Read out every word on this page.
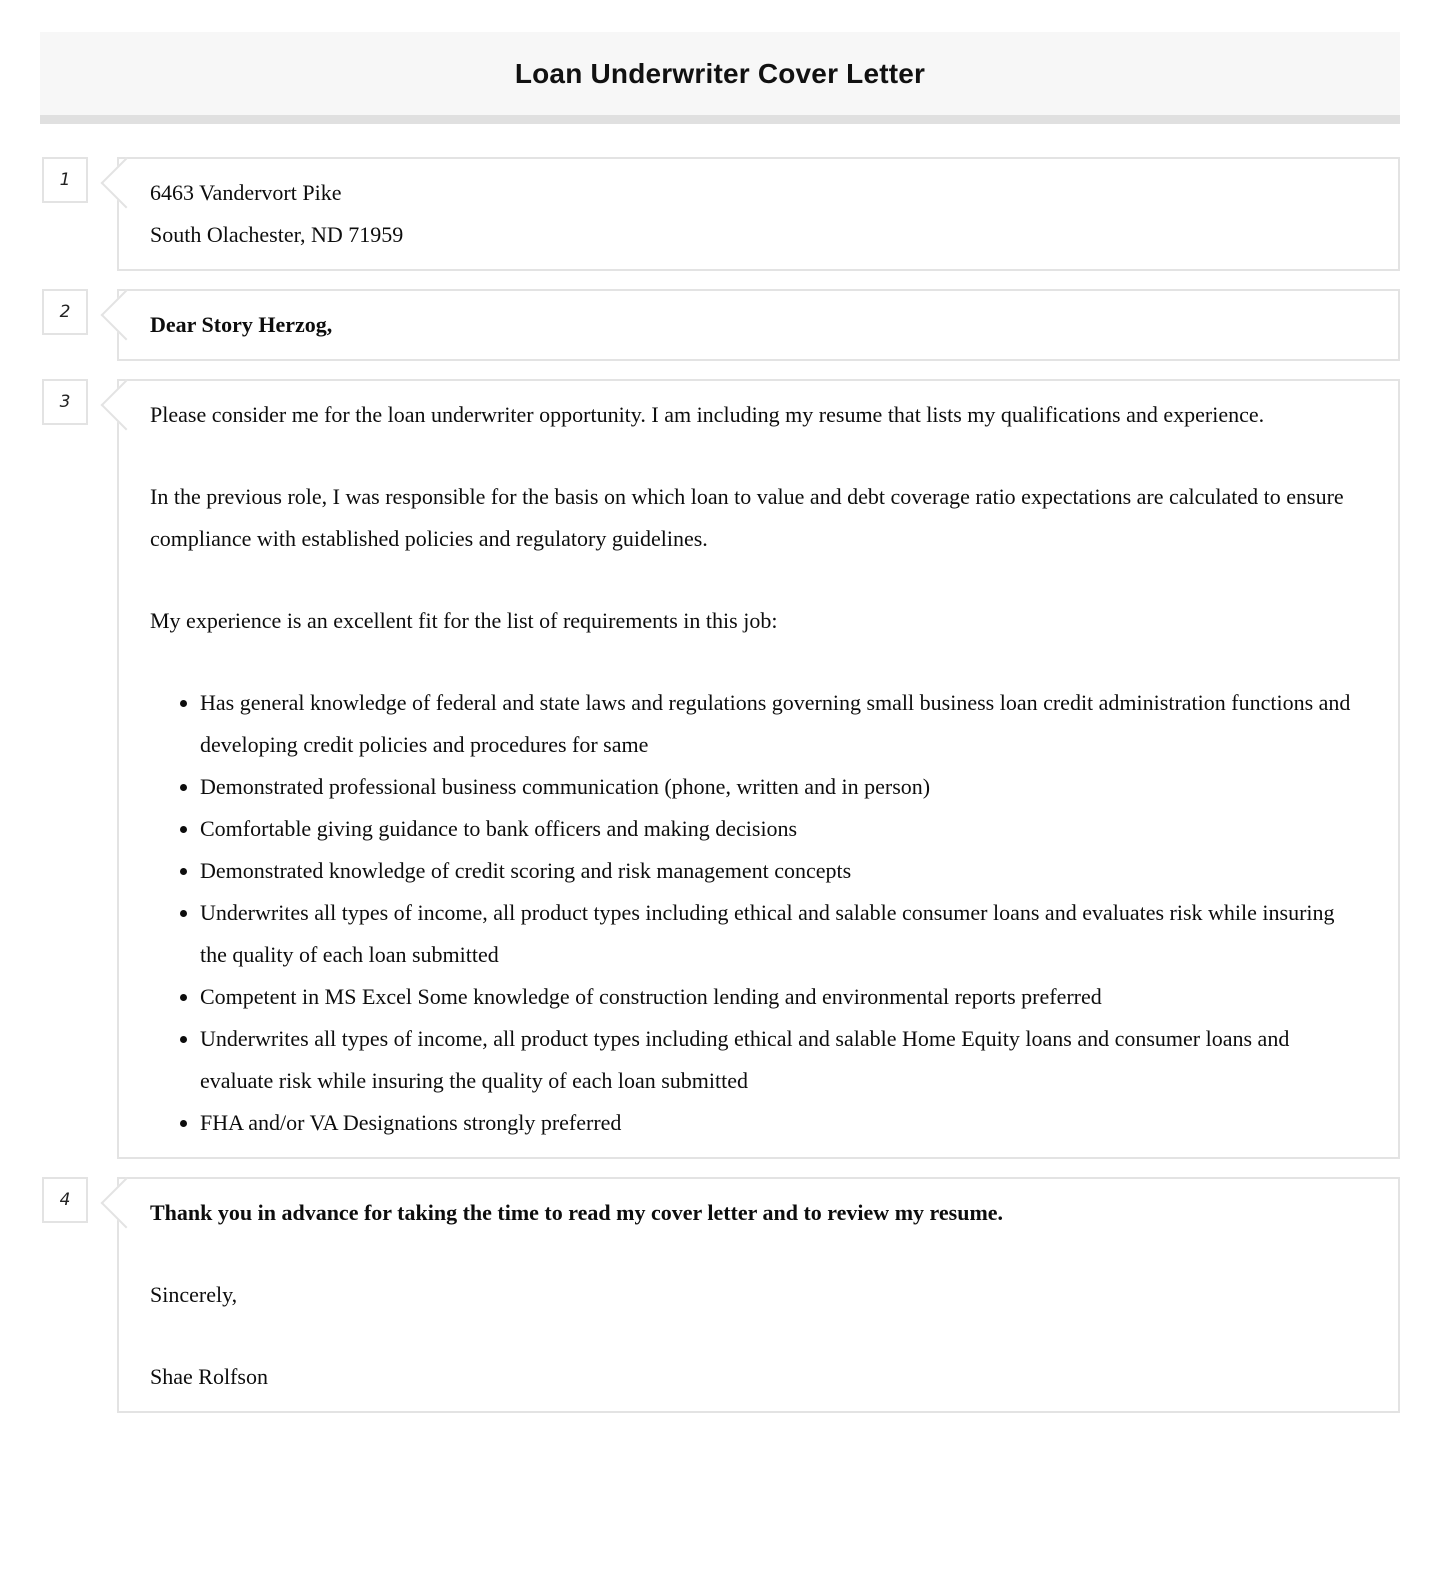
Loan Underwriter Cover Letter
1	6463 Vandervort Pike
South Olachester, ND 71959
2	Dear Story Herzog,
3	Please consider me for the loan underwriter opportunity. I am including my resume that lists my qualifications and experience.

In the previous role, I was responsible for the basis on which loan to value and debt coverage ratio expectations are calculated to ensure compliance with established policies and regulatory guidelines.

My experience is an excellent fit for the list of requirements in this job:

• Has general knowledge of federal and state laws and regulations governing small business loan credit administration functions and developing credit policies and procedures for same
• Demonstrated professional business communication (phone, written and in person)
• Comfortable giving guidance to bank officers and making decisions
• Demonstrated knowledge of credit scoring and risk management concepts
• Underwrites all types of income, all product types including ethical and salable consumer loans and evaluates risk while insuring the quality of each loan submitted
• Competent in MS Excel Some knowledge of construction lending and environmental reports preferred
• Underwrites all types of income, all product types including ethical and salable Home Equity loans and consumer loans and evaluate risk while insuring the quality of each loan submitted
• FHA and/or VA Designations strongly preferred
4	Thank you in advance for taking the time to read my cover letter and to review my resume.

Sincerely,

Shae Rolfson
